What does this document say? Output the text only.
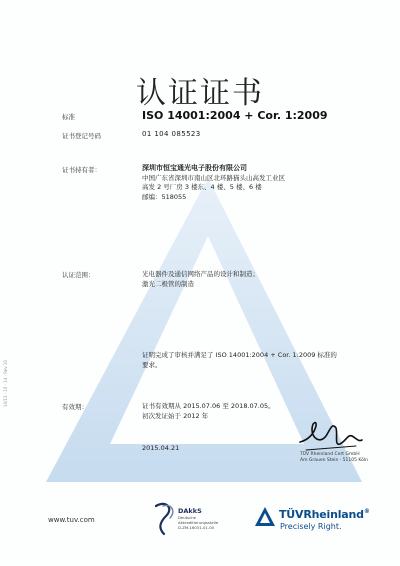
认证证书
标准	ISO 14001:2004 + Cor. 1:2009
证书登记号码	01 104 085523
证书持有者：	深圳市恒宝通光电子股份有限公司
中国广东省深圳市南山区北环路猫头山高发工业区
高发 2 号厂房 3 楼东、4 楼、5 楼、6 楼
邮编：518055
认证范围：	光电器件及通信网络产品的设计和制造；
激光二极管的制造
证明完成了审核并满足了 ISO 14001:2004 + Cor. 1:2009 标准的
要求。
有效期：	证书有效期从 2015.07.06 至 2018.07.05。
初次发证始于 2012 年
2015.04.21
TÜV Rheinland Cert GmbH
Am Grauen Stein · 51105 Köln
10/13 · 10 · 14 · Rev 10
www.tuv.com
DAkkS
Deutsche
Akkreditierungsstelle
D-ZM-16031-01-00
TÜVRheinland®
Precisely Right.
